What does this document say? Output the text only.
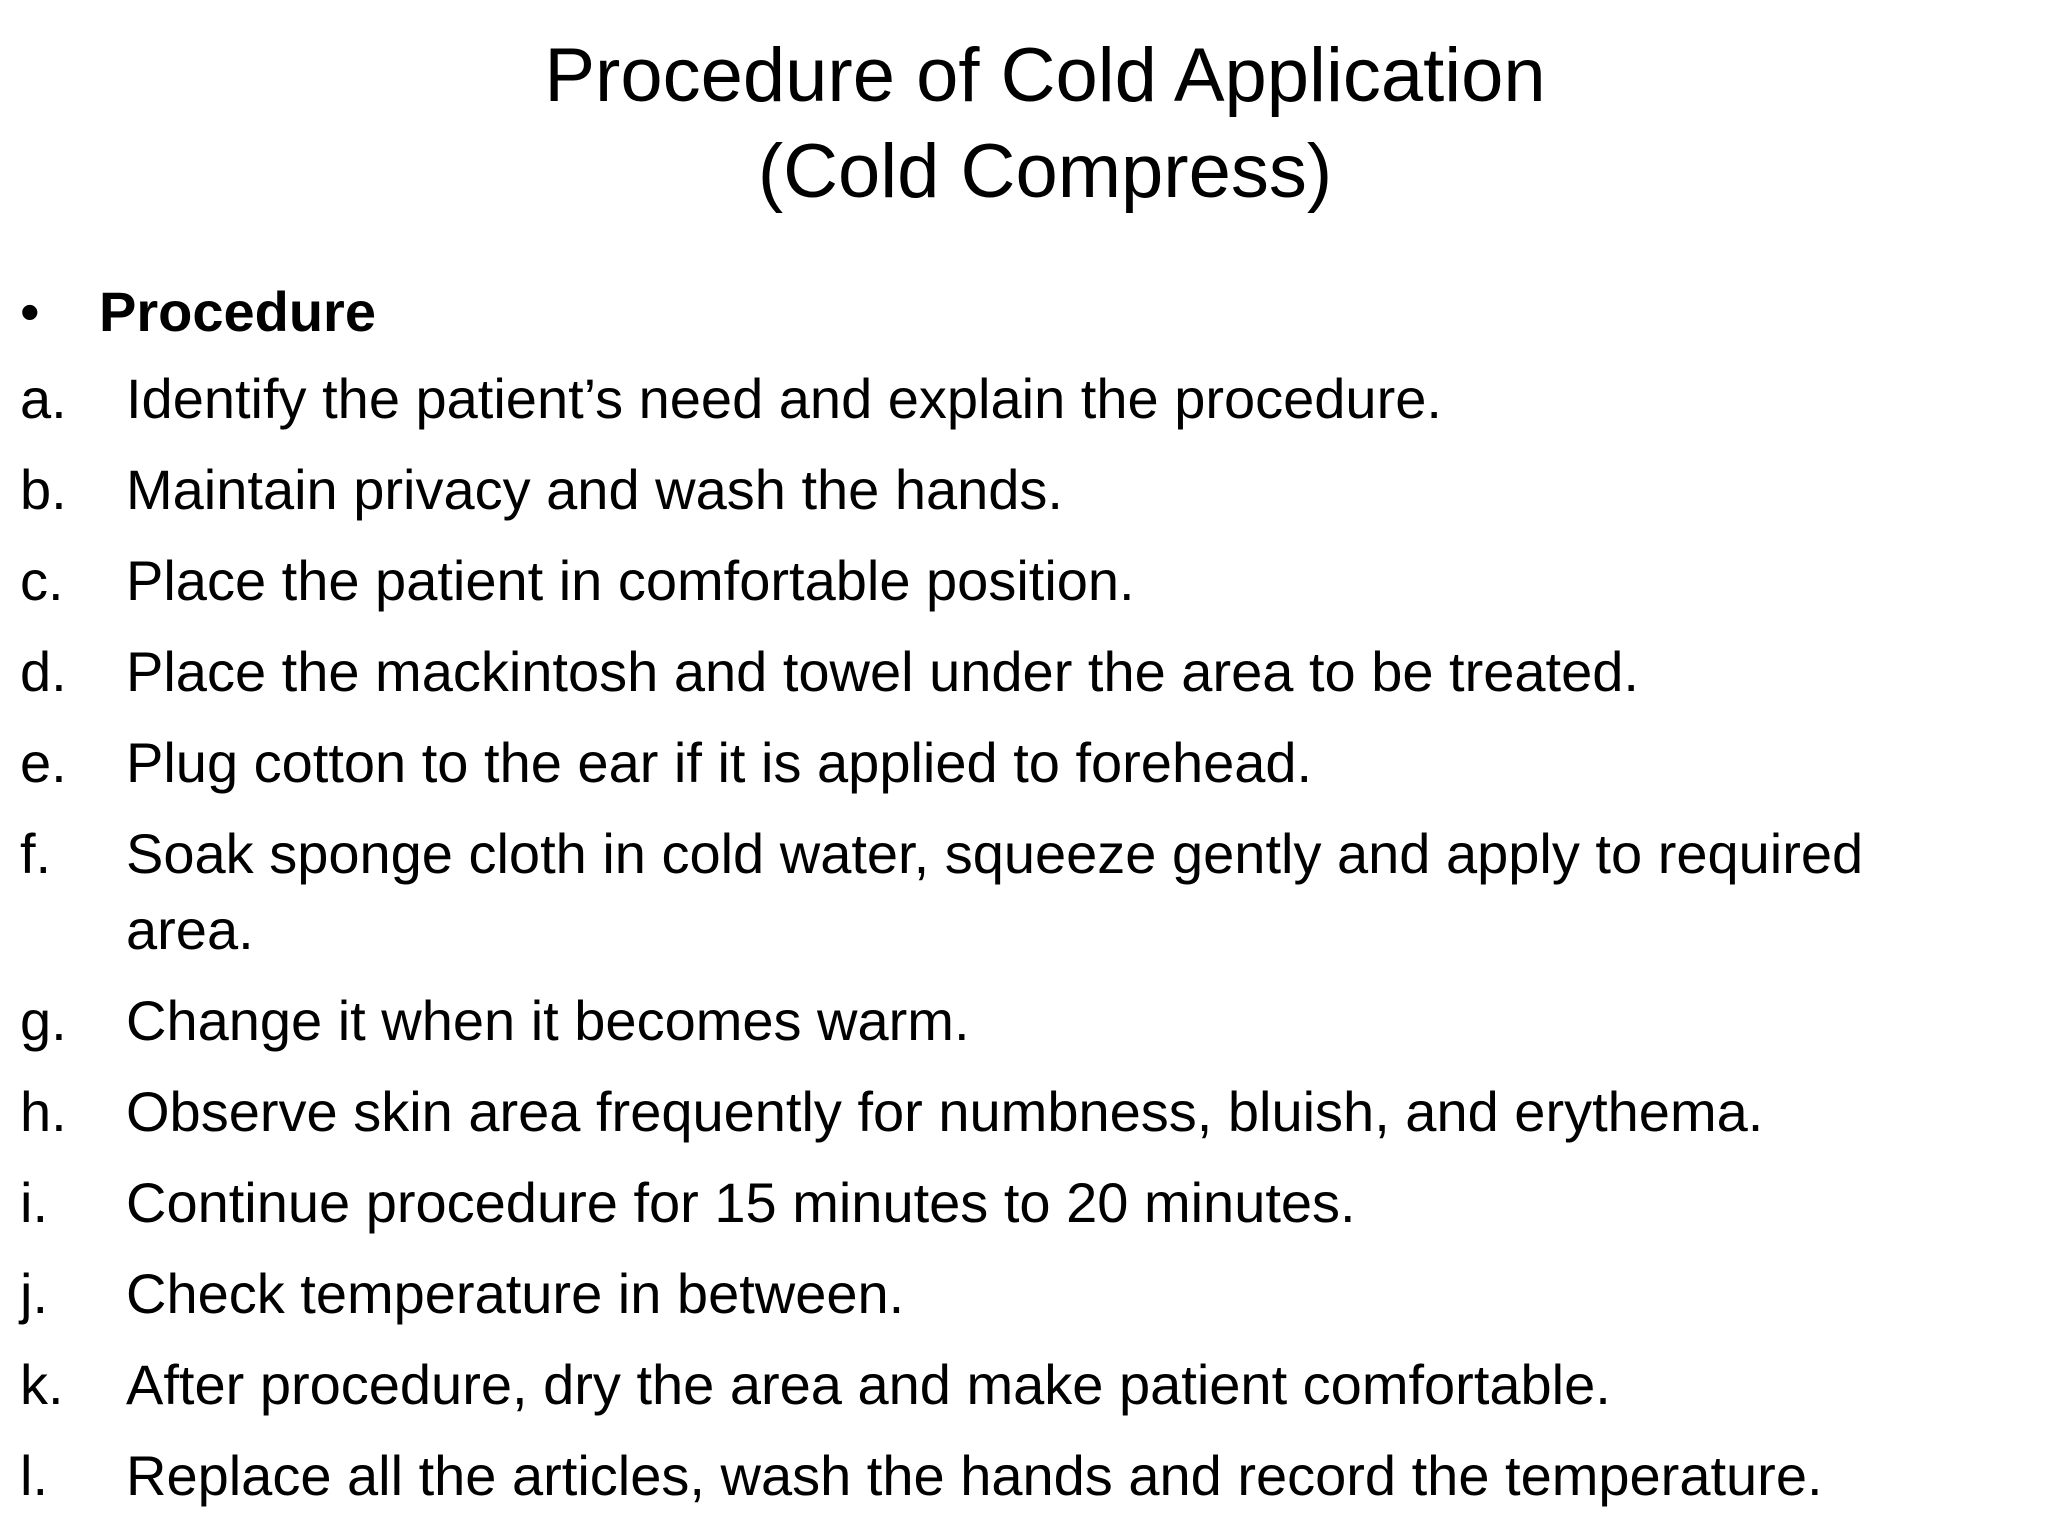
Procedure of Cold Application
(Cold Compress)
•	Procedure
a.	Identify the patient’s need and explain the procedure.
b.	Maintain privacy and wash the hands.
c.	Place the patient in comfortable position.
d.	Place the mackintosh and towel under the area to be treated.
e.	Plug cotton to the ear if it is applied to forehead.
f.	Soak sponge cloth in cold water, squeeze gently and apply to required area.
g.	Change it when it becomes warm.
h.	Observe skin area frequently for numbness, bluish, and erythema.
i.	Continue procedure for 15 minutes to 20 minutes.
j.	Check temperature in between.
k.	After procedure, dry the area and make patient comfortable.
l.	Replace all the articles, wash the hands and record the temperature.
